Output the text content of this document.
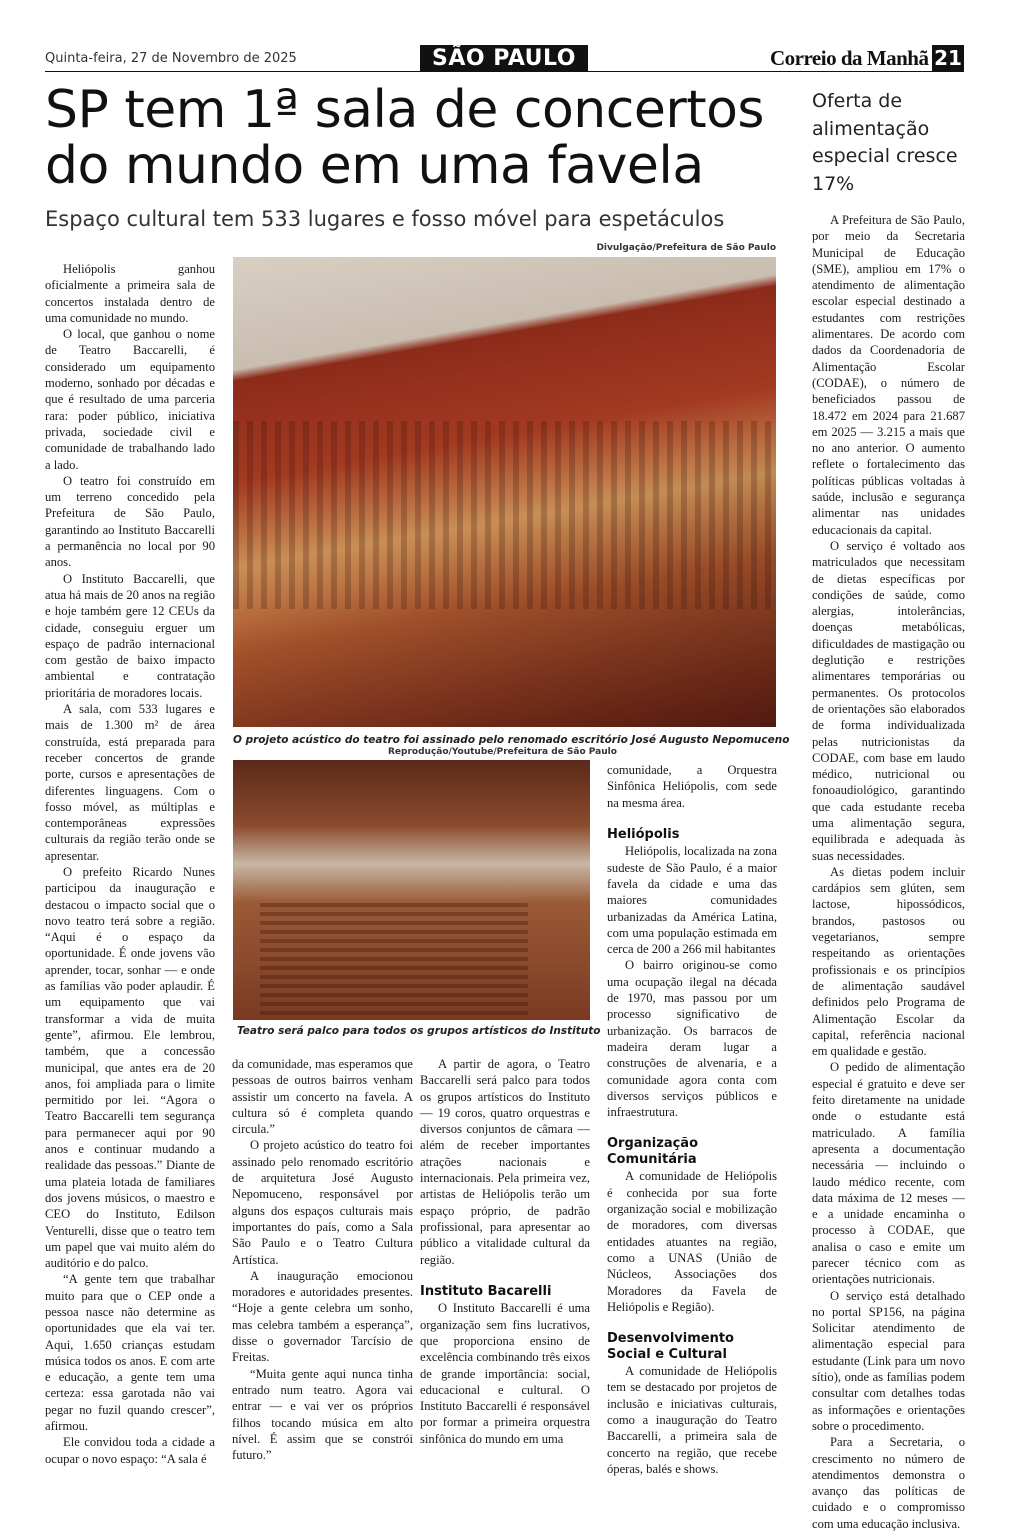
Quinta-feira, 27 de Novembro de 2025	SÃO PAULO	Correio da Manhã 21
SP tem 1ª sala de concertos do mundo em uma favela
Espaço cultural tem 533 lugares e fosso móvel para espetáculos
Oferta de alimentação especial cresce 17%
Divulgação/Prefeitura de São Paulo
O projeto acústico do teatro foi assinado pelo renomado escritório José Augusto Nepomuceno
Reprodução/Youtube/Prefeitura de São Paulo
Teatro será palco para todos os grupos artísticos do Instituto

Heliópolis ganhou oficialmente a primeira sala de concertos instalada dentro de uma comunidade no mundo.

O local, que ganhou o nome de Teatro Baccarelli, é considerado um equipamento moderno, sonhado por décadas e que é resultado de uma parceria rara: poder público, iniciativa privada, sociedade civil e comunidade de trabalhando lado a lado.

O teatro foi construído em um terreno concedido pela Prefeitura de São Paulo, garantindo ao Instituto Baccarelli a permanência no local por 90 anos.

O Instituto Baccarelli, que atua há mais de 20 anos na região e hoje também gere 12 CEUs da cidade, conseguiu erguer um espaço de padrão internacional com gestão de baixo impacto ambiental e contratação prioritária de moradores locais.

A sala, com 533 lugares e mais de 1.300 m² de área construída, está preparada para receber concertos de grande porte, cursos e apresentações de diferentes linguagens. Com o fosso móvel, as múltiplas e contemporâneas expressões culturais da região terão onde se apresentar.

O prefeito Ricardo Nunes participou da inauguração e destacou o impacto social que o novo teatro terá sobre a região. “Aqui é o espaço da oportunidade. É onde jovens vão aprender, tocar, sonhar — e onde as famílias vão poder aplaudir. É um equipamento que vai transformar a vida de muita gente”, afirmou. Ele lembrou, também, que a concessão municipal, que antes era de 20 anos, foi ampliada para o limite permitido por lei. “Agora o Teatro Baccarelli tem segurança para permanecer aqui por 90 anos e continuar mudando a realidade das pessoas.” Diante de uma plateia lotada de familiares dos jovens músicos, o maestro e CEO do Instituto, Edilson Venturelli, disse que o teatro tem um papel que vai muito além do auditório e do palco.

“A gente tem que trabalhar muito para que o CEP onde a pessoa nasce não determine as oportunidades que ela vai ter. Aqui, 1.650 crianças estudam música todos os anos. E com arte e educação, a gente tem uma certeza: essa garotada não vai pegar no fuzil quando crescer”, afirmou.

Ele convidou toda a cidade a ocupar o novo espaço: “A sala é

da comunidade, mas esperamos que pessoas de outros bairros venham assistir um concerto na favela. A cultura só é completa quando circula.”

O projeto acústico do teatro foi assinado pelo renomado escritório de arquitetura José Augusto Nepomuceno, responsável por alguns dos espaços culturais mais importantes do país, como a Sala São Paulo e o Teatro Cultura Artística.

A inauguração emocionou moradores e autoridades presentes. “Hoje a gente celebra um sonho, mas celebra também a esperança”, disse o governador Tarcísio de Freitas.

“Muita gente aqui nunca tinha entrado num teatro. Agora vai entrar — e vai ver os próprios filhos tocando música em alto nível. É assim que se constrói futuro.”

A partir de agora, o Teatro Baccarelli será palco para todos os grupos artísticos do Instituto — 19 coros, quatro orquestras e diversos conjuntos de câmara — além de receber importantes atrações nacionais e internacionais. Pela primeira vez, artistas de Heliópolis terão um espaço próprio, de padrão profissional, para apresentar ao público a vitalidade cultural da região.

Instituto Bacarelli

O Instituto Baccarelli é uma organização sem fins lucrativos, que proporciona ensino de excelência combinando três eixos de grande importância: social, educacional e cultural. O Instituto Baccarelli é responsável por formar a primeira orquestra sinfônica do mundo em uma

comunidade, a Orquestra Sinfônica Heliópolis, com sede na mesma área.

Heliópolis

Heliópolis, localizada na zona sudeste de São Paulo, é a maior favela da cidade e uma das maiores comunidades urbanizadas da América Latina, com uma população estimada em cerca de 200 a 266 mil habitantes

O bairro originou-se como uma ocupação ilegal na década de 1970, mas passou por um processo significativo de urbanização. Os barracos de madeira deram lugar a construções de alvenaria, e a comunidade agora conta com diversos serviços públicos e infraestrutura.

Organização Comunitária

A comunidade de Heliópolis é conhecida por sua forte organização social e mobilização de moradores, com diversas entidades atuantes na região, como a UNAS (União de Núcleos, Associações dos Moradores da Favela de Heliópolis e Região).

Desenvolvimento Social e Cultural

A comunidade de Heliópolis tem se destacado por projetos de inclusão e iniciativas culturais, como a inauguração do Teatro Baccarelli, a primeira sala de concerto na região, que recebe óperas, balés e shows.

A Prefeitura de São Paulo, por meio da Secretaria Municipal de Educação (SME), ampliou em 17% o atendimento de alimentação escolar especial destinado a estudantes com restrições alimentares. De acordo com dados da Coordenadoria de Alimentação Escolar (CODAE), o número de beneficiados passou de 18.472 em 2024 para 21.687 em 2025 — 3.215 a mais que no ano anterior. O aumento reflete o fortalecimento das políticas públicas voltadas à saúde, inclusão e segurança alimentar nas unidades educacionais da capital.

O serviço é voltado aos matriculados que necessitam de dietas específicas por condições de saúde, como alergias, intolerâncias, doenças metabólicas, dificuldades de mastigação ou deglutição e restrições alimentares temporárias ou permanentes. Os protocolos de orientações são elaborados de forma individualizada pelas nutricionistas da CODAE, com base em laudo médico, nutricional ou fonoaudiológico, garantindo que cada estudante receba uma alimentação segura, equilibrada e adequada às suas necessidades.

As dietas podem incluir cardápios sem glúten, sem lactose, hipossódicos, brandos, pastosos ou vegetarianos, sempre respeitando as orientações profissionais e os princípios de alimentação saudável definidos pelo Programa de Alimentação Escolar da capital, referência nacional em qualidade e gestão.

O pedido de alimentação especial é gratuito e deve ser feito diretamente na unidade onde o estudante está matriculado. A família apresenta a documentação necessária — incluindo o laudo médico recente, com data máxima de 12 meses — e a unidade encaminha o processo à CODAE, que analisa o caso e emite um parecer técnico com as orientações nutricionais.

O serviço está detalhado no portal SP156, na página Solicitar atendimento de alimentação especial para estudante (Link para um novo sítio), onde as famílias podem consultar com detalhes todas as informações e orientações sobre o procedimento.

Para a Secretaria, o crescimento no número de atendimentos demonstra o avanço das políticas de cuidado e o compromisso com uma educação inclusiva.
